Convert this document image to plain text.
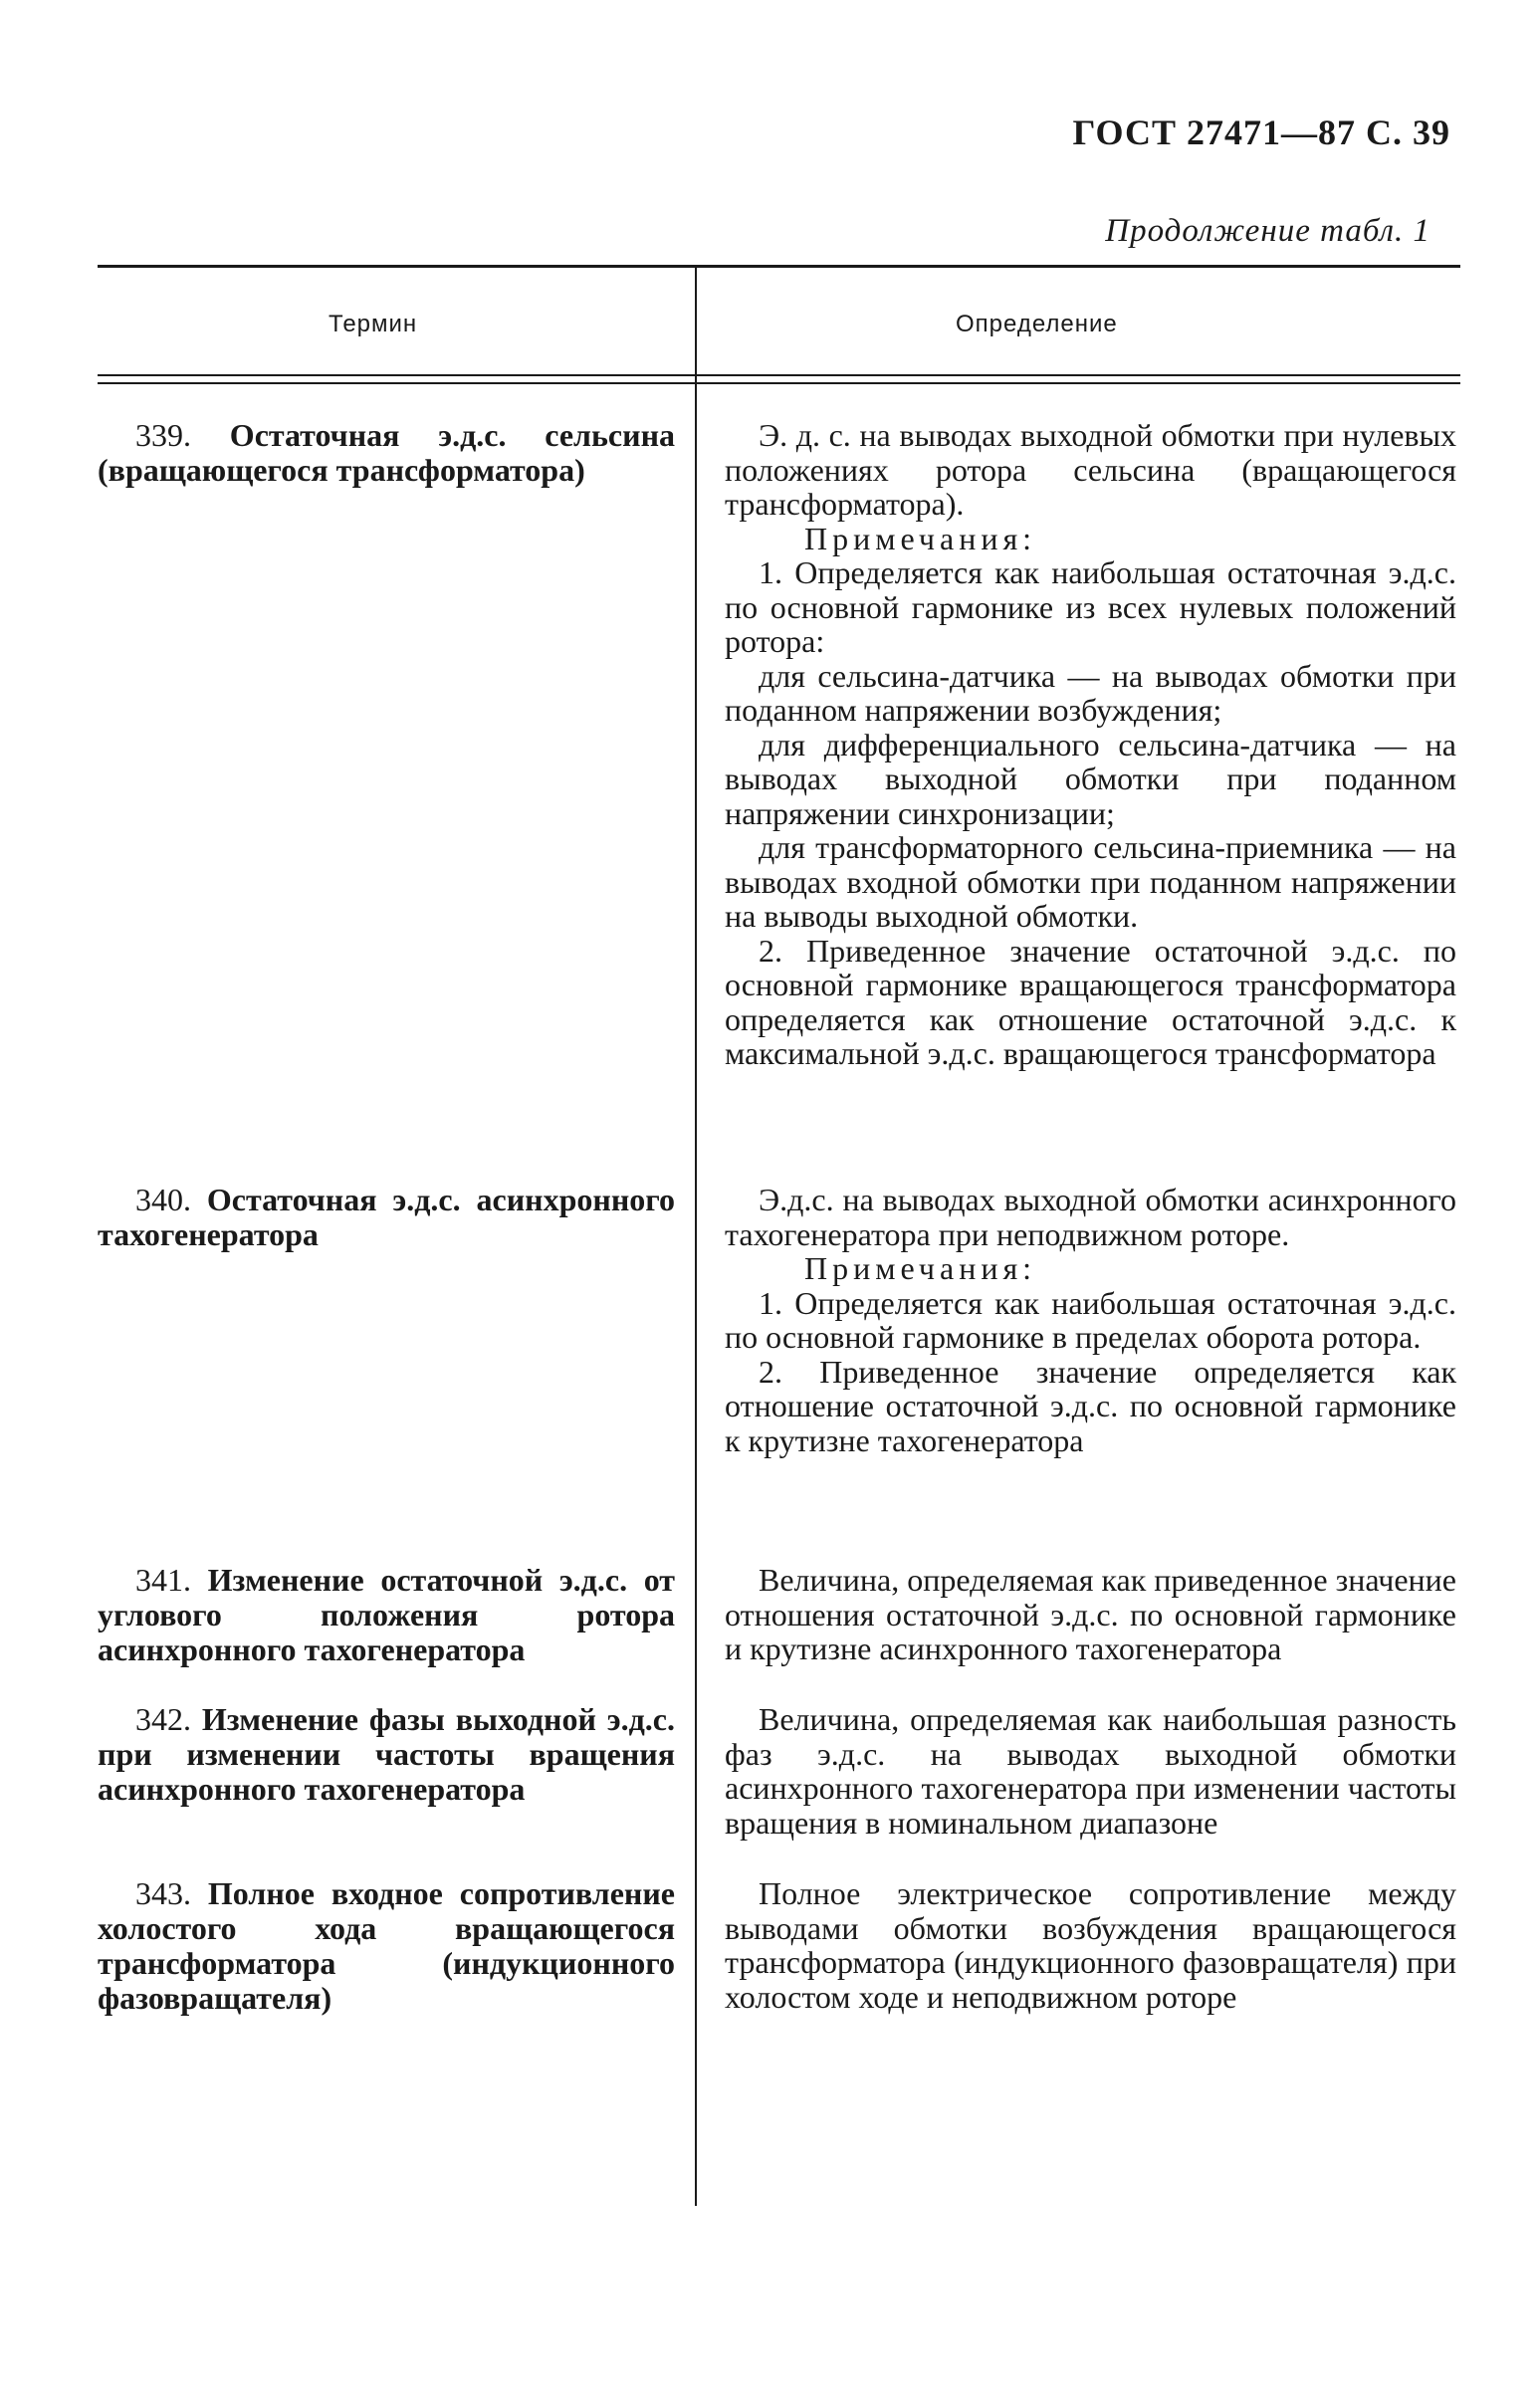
ГОСТ 27471—87 С. 39
Продолжение табл. 1
Термин	Определение
339. Остаточная э.д.с. сельсина (вращающегося трансформатора)

Э. д. с. на выводах выходной обмотки при нулевых положениях ротора сельсина (вращающегося трансформатора).

Примечания:

1. Определяется как наибольшая остаточная э.д.с. по основной гармонике из всех нулевых положений ротора:

для сельсина-датчика — на выводах обмотки при поданном напряжении возбуждения;

для дифференциального сельсина-датчика — на выводах выходной обмотки при поданном напряжении синхронизации;

для трансформаторного сельсина-приемника — на выводах входной обмотки при поданном напряжении на выводы выходной обмотки.

2. Приведенное значение остаточной э.д.с. по основной гармонике вращающегося трансформатора определяется как отношение остаточной э.д.с. к максимальной э.д.с. вращающегося трансформатора

340. Остаточная э.д.с. асинхронного тахогенератора

Э.д.с. на выводах выходной обмотки асинхронного тахогенератора при неподвижном роторе.

Примечания:

1. Определяется как наибольшая остаточная э.д.с. по основной гармонике в пределах оборота ротора.

2. Приведенное значение определяется как отношение остаточной э.д.с. по основной гармонике к крутизне тахогенератора

341. Изменение остаточной э.д.с. от углового положения ротора асинхронного тахогенератора

Величина, определяемая как приведенное значение отношения остаточной э.д.с. по основной гармонике и крутизне асинхронного тахогенератора

342. Изменение фазы выходной э.д.с. при изменении частоты вращения асинхронного тахогенератора

Величина, определяемая как наибольшая разность фаз э.д.с. на выводах выходной обмотки асинхронного тахогенератора при изменении частоты вращения в номинальном диапазоне

343. Полное входное сопротивление холостого хода вращающегося трансформатора (индукционного фазовращателя)

Полное электрическое сопротивление между выводами обмотки возбуждения вращающегося трансформатора (индукционного фазовращателя) при холостом ходе и неподвижном роторе
